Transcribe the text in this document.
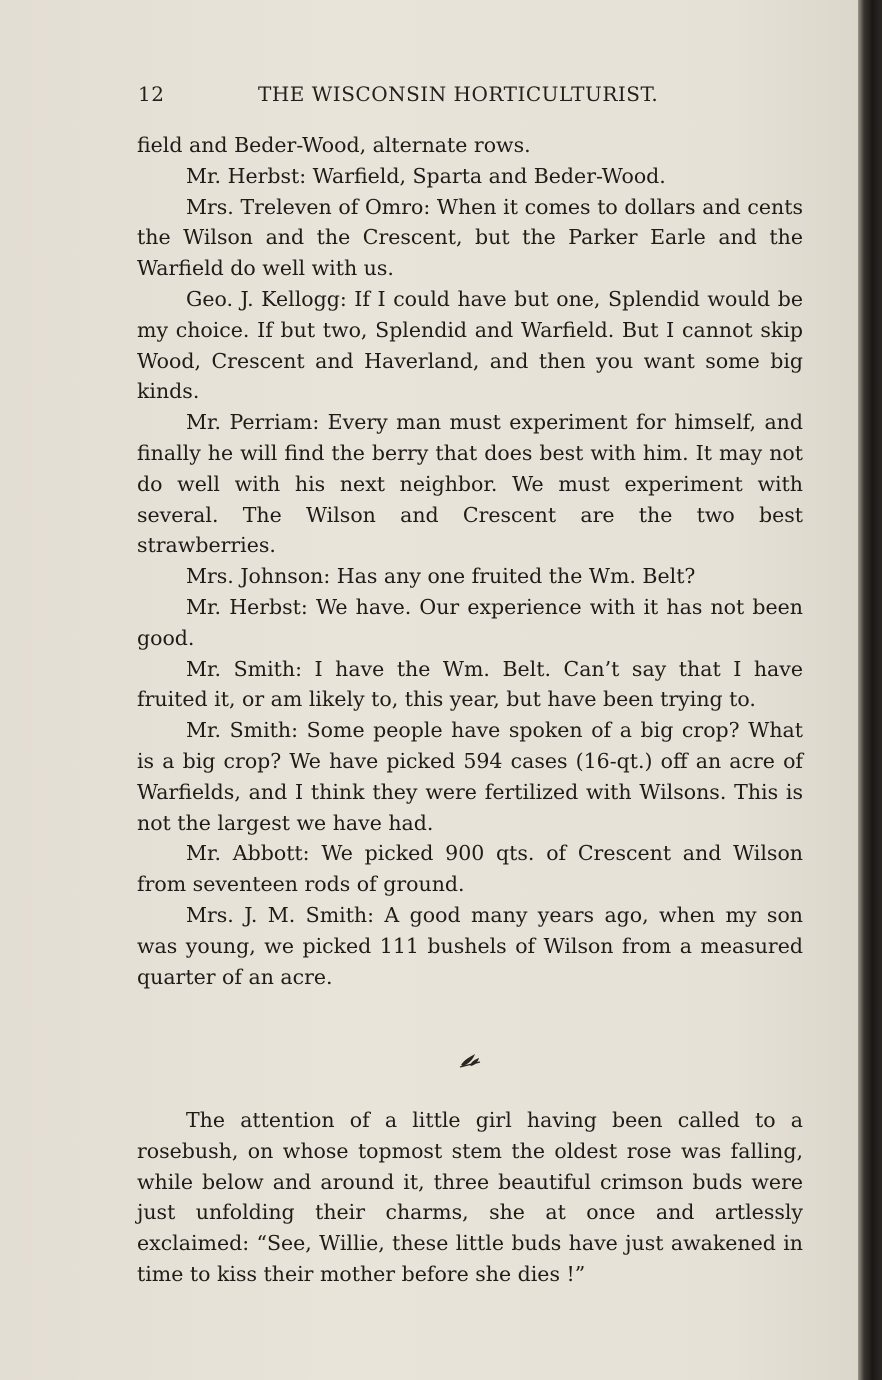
12	THE WISCONSIN HORTICULTURIST.

field and Beder-Wood, alternate rows.

Mr. Herbst: Warfield, Sparta and Beder-Wood.

Mrs. Treleven of Omro: When it comes to dollars and cents the Wilson and the Crescent, but the Parker Earle and the Warfield do well with us.

Geo. J. Kellogg: If I could have but one, Splendid would be my choice. If but two, Splendid and Warfield. But I cannot skip Wood, Crescent and Haverland, and then you want some big kinds.

Mr. Perriam: Every man must experiment for himself, and finally he will find the berry that does best with him. It may not do well with his next neighbor. We must experiment with several. The Wilson and Crescent are the two best strawberries.

Mrs. Johnson: Has any one fruited the Wm. Belt?

Mr. Herbst: We have. Our experience with it has not been good.

Mr. Smith: I have the Wm. Belt. Can’t say that I have fruited it, or am likely to, this year, but have been trying to.

Mr. Smith: Some people have spoken of a big crop? What is a big crop? We have picked 594 cases (16-qt.) off an acre of Warfields, and I think they were fertilized with Wilsons. This is not the largest we have had.

Mr. Abbott: We picked 900 qts. of Crescent and Wilson from seventeen rods of ground.

Mrs. J. M. Smith: A good many years ago, when my son was young, we picked 111 bushels of Wilson from a measured quarter of an acre.

The attention of a little girl having been called to a rosebush, on whose topmost stem the oldest rose was falling, while below and around it, three beautiful crimson buds were just unfolding their charms, she at once and artlessly exclaimed: “See, Willie, these little buds have just awakened in time to kiss their mother before she dies !”
